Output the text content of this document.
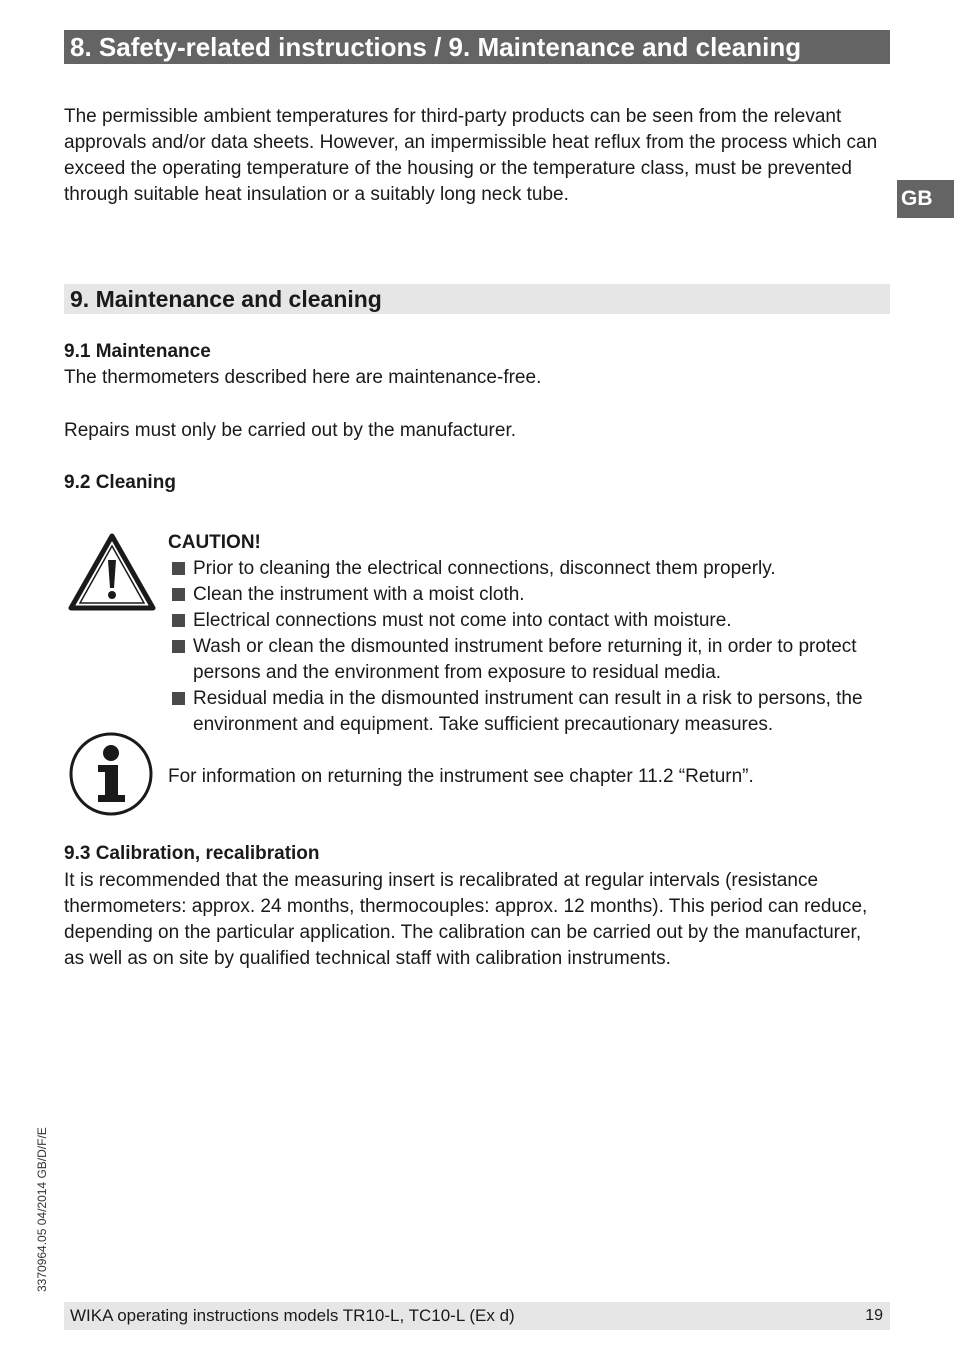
8. Safety-related instructions / 9. Maintenance and cleaning

The permissible ambient temperatures for third-party products can be seen from the relevant approvals and/or data sheets. However, an impermissible heat reflux from the process which can exceed the operating temperature of the housing or the temperature class, must be prevented through suitable heat insulation or a suitably long neck tube.	GB
9. Maintenance and cleaning
9.1 Maintenance

The thermometers described here are maintenance-free.

Repairs must only be carried out by the manufacturer.

9.2 Cleaning
CAUTION!
Prior to cleaning the electrical connections, disconnect them properly.
Clean the instrument with a moist cloth.
Electrical connections must not come into contact with moisture.
Wash or clean the dismounted instrument before returning it, in order to protect persons and the environment from exposure to residual media.
Residual media in the dismounted instrument can result in a risk to persons, the environment and equipment. Take sufficient precautionary measures.
For information on returning the instrument see chapter 11.2 “Return”.
9.3 Calibration, recalibration

It is recommended that the measuring insert is recalibrated at regular intervals (resistance thermometers: approx. 24 months, thermocouples: approx. 12 months). This period can reduce, depending on the particular application. The calibration can be carried out by the manufacturer, as well as on site by qualified technical staff with calibration instruments.

3370964.05 04/2014 GB/D/F/E
WIKA operating instructions models TR10-L, TC10-L (Ex d)	19
